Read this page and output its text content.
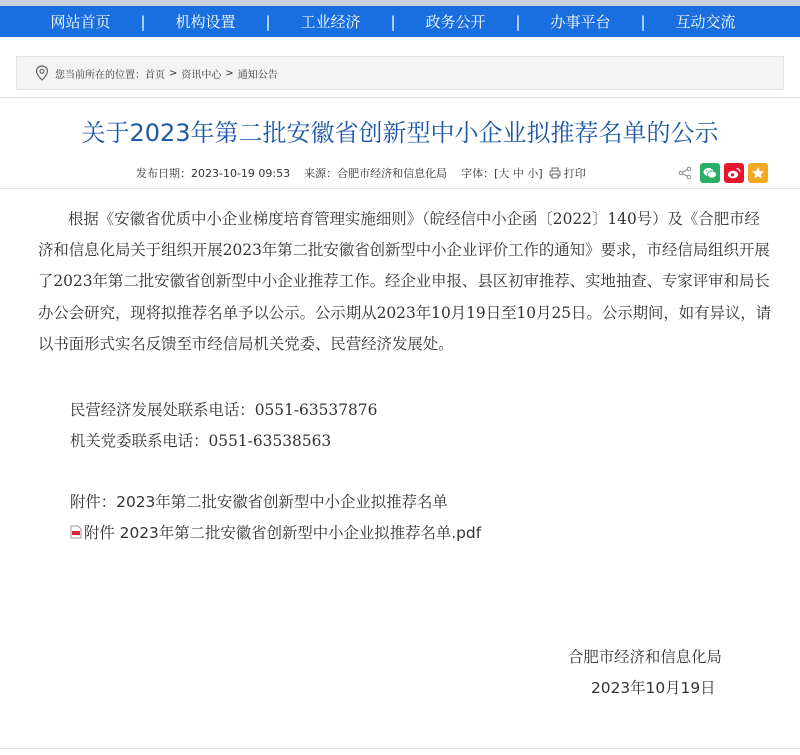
网站首页	|	机构设置	|	工业经济	|	政务公开	|	办事平台	|	互动交流
您当前所在的位置： 首页 > 资讯中心 > 通知公告
关于2023年第二批安徽省创新型中小企业拟推荐名单的公示
发布日期： 2023-10-19 09:53 来源： 合肥市经济和信息化局 字体： [大 中 小] 打印

根据《安徽省优质中小企业梯度培育管理实施细则》（皖经信中小企函〔2022〕140号）及《合肥市经济和信息化局关于组织开展2023年第二批安徽省创新型中小企业评价工作的通知》要求，市经信局组织开展了2023年第二批安徽省创新型中小企业推荐工作。经企业申报、县区初审推荐、实地抽查、专家评审和局长办公会研究，现将拟推荐名单予以公示。公示期从2023年10月19日至10月25日。公示期间，如有异议，请以书面形式实名反馈至市经信局机关党委、民营经济发展处。

民营经济发展处联系电话：0551-63537876
机关党委联系电话：0551-63538563
附件：2023年第二批安徽省创新型中小企业拟推荐名单
附件 2023年第二批安徽省创新型中小企业拟推荐名单.pdf
合肥市经济和信息化局
2023年10月19日
